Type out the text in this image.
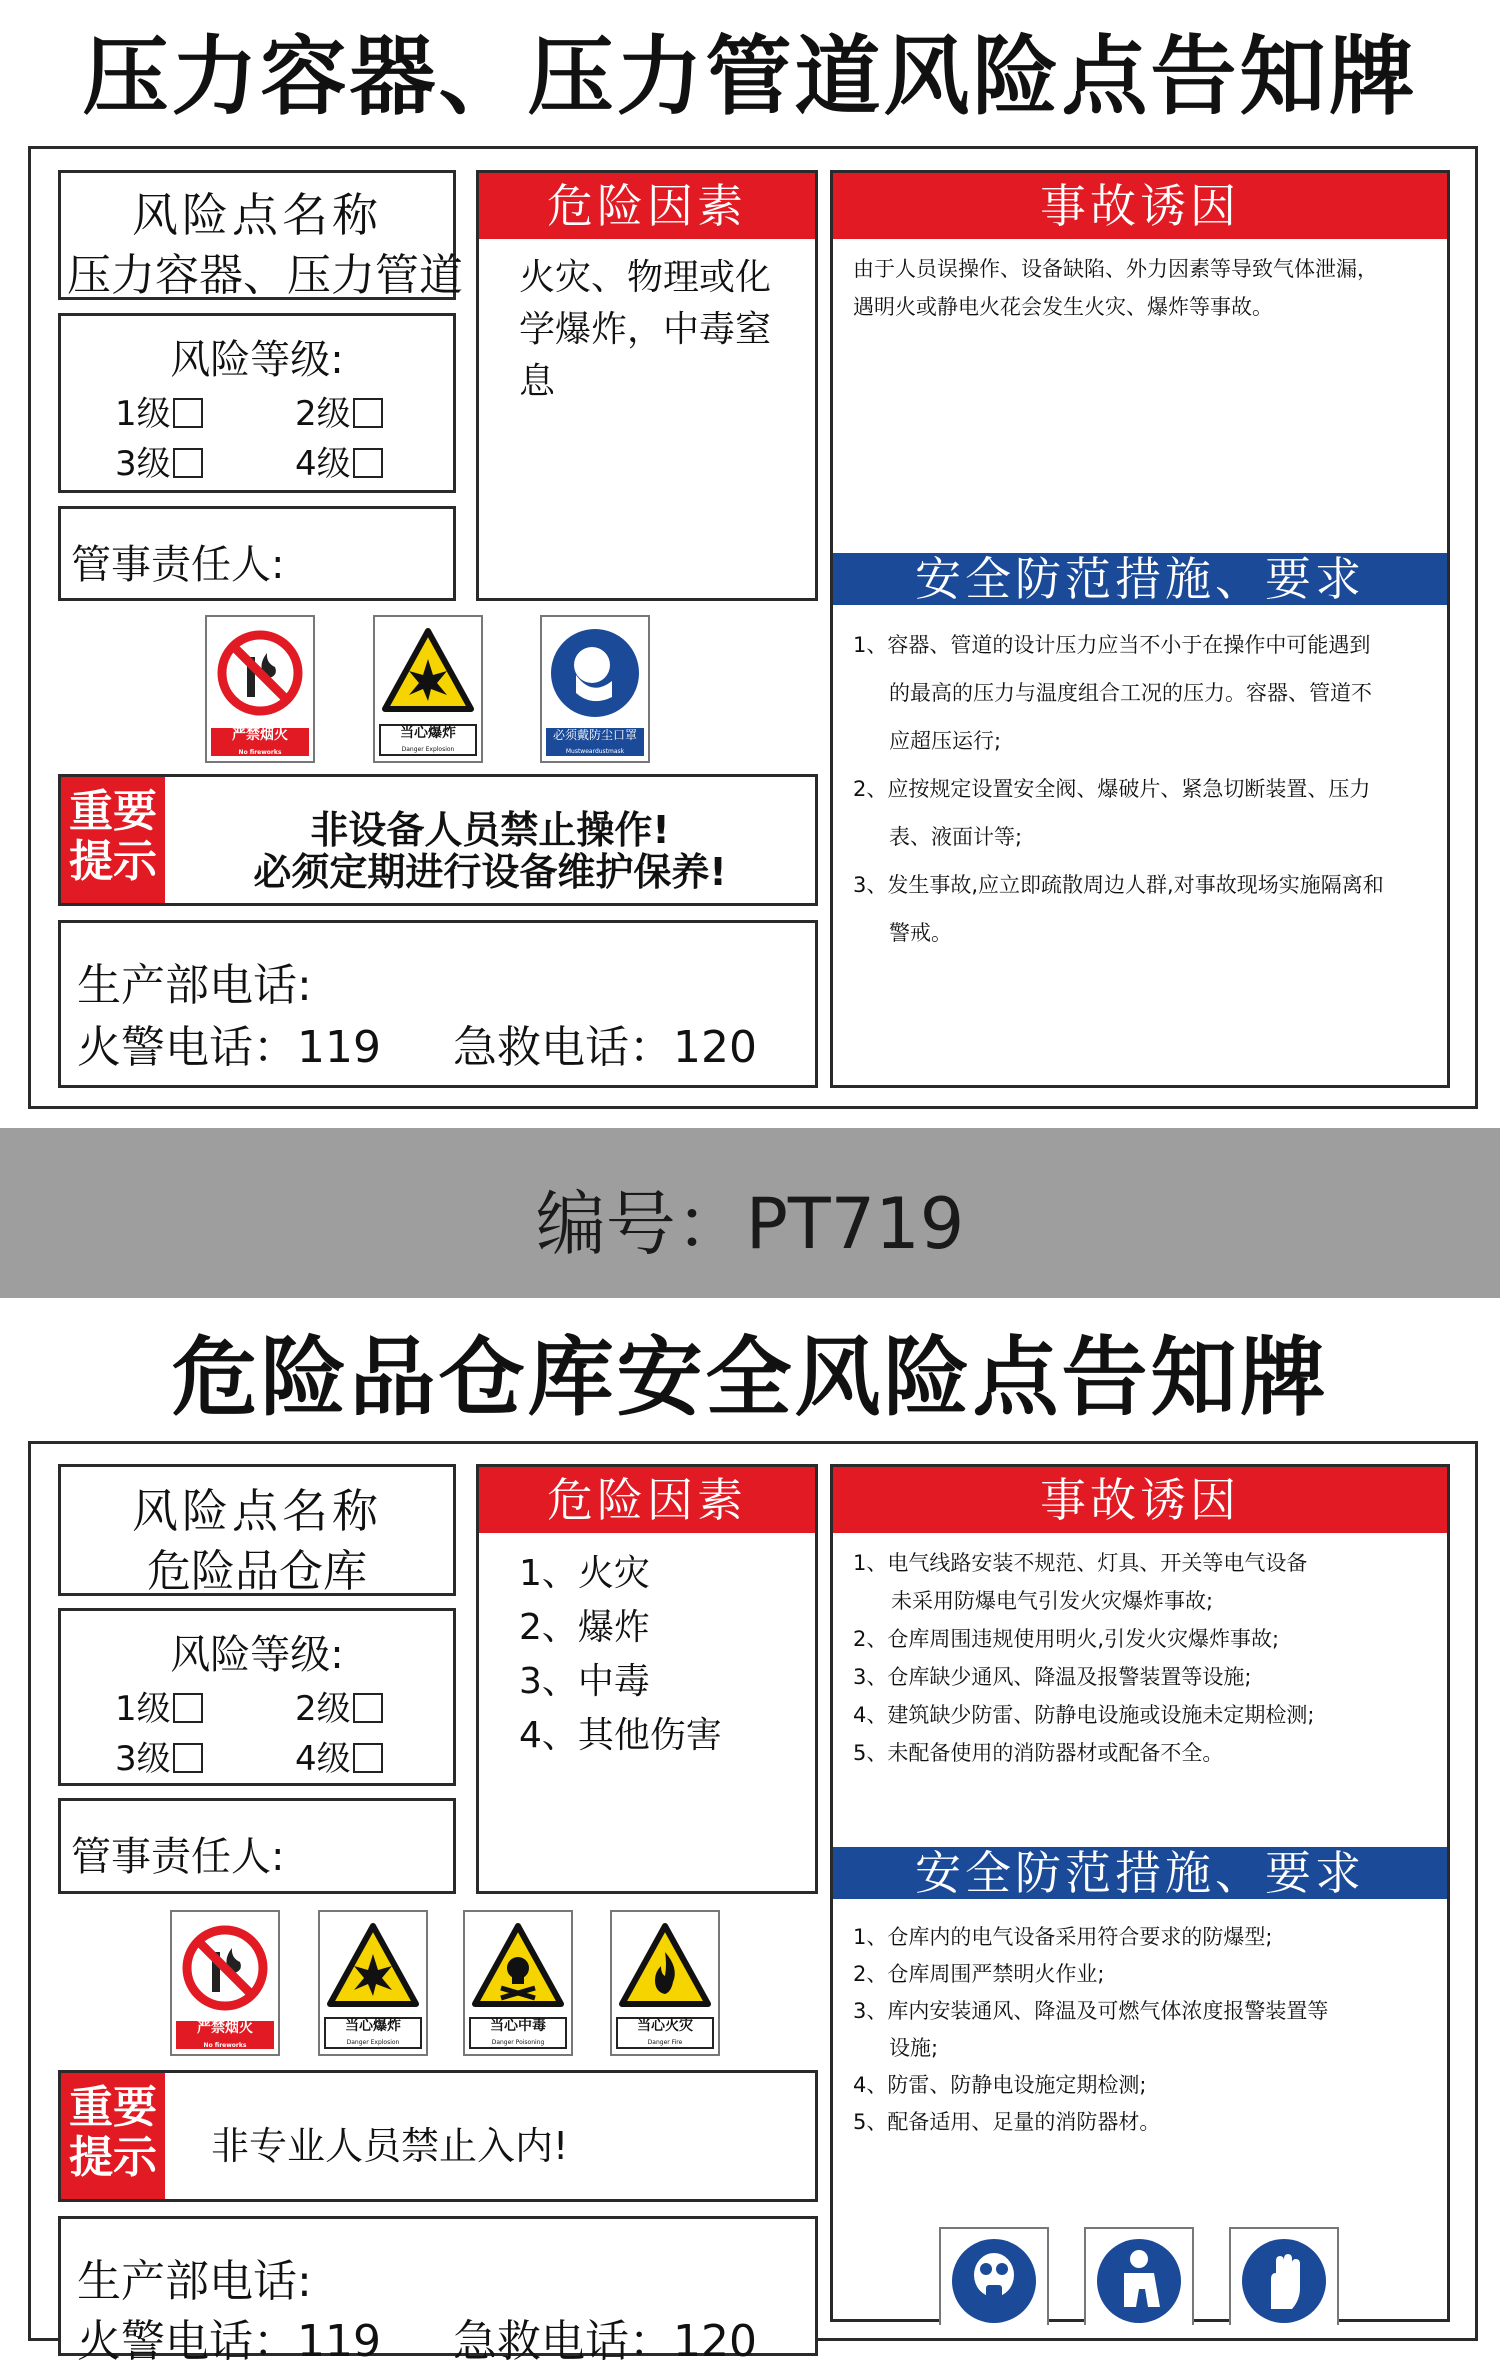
压力容器、压力管道风险点告知牌
风险点名称
压力容器、压力管道
风险等级:
1级	2级
3级	4级
管事责任人:
危险因素
火灾、物理或化
学爆炸，中毒窒
息
事故诱因
由于人员误操作、设备缺陷、外力因素等导致气体泄漏，
遇明火或静电火花会发生火灾、爆炸等事故。
安全防范措施、要求
1、容器、管道的设计压力应当不小于在操作中可能遇到
的最高的压力与温度组合工况的压力。容器、管道不
应超压运行;
2、应按规定设置安全阀、爆破片、紧急切断装置、压力
表、液面计等;
3、发生事故,应立即疏散周边人群,对事故现场实施隔离和
警戒。
严禁烟火
No fireworks
当心爆炸
Danger Explosion
必须戴防尘口罩
Mustweardustmask
重要
提示
非设备人员禁止操作!
必须定期进行设备维护保养!
生产部电话:
火警电话：119 急救电话：120
编号：PT719
危险品仓库安全风险点告知牌
风险点名称
危险品仓库
风险等级:
1级	2级
3级	4级
管事责任人:
危险因素
1、火灾
2、爆炸
3、中毒
4、其他伤害
事故诱因
1、电气线路安装不规范、灯具、开关等电气设备
未采用防爆电气引发火灾爆炸事故;
2、仓库周围违规使用明火,引发火灾爆炸事故;
3、仓库缺少通风、降温及报警装置等设施;
4、建筑缺少防雷、防静电设施或设施未定期检测;
5、未配备使用的消防器材或配备不全。
安全防范措施、要求
1、仓库内的电气设备采用符合要求的防爆型;
2、仓库周围严禁明火作业;
3、库内安装通风、降温及可燃气体浓度报警装置等
设施;
4、防雷、防静电设施定期检测;
5、配备适用、足量的消防器材。
严禁烟火
No fireworks
当心爆炸
Danger Explosion
当心中毒
Danger Poisoning
当心火灾
Danger Fire
重要
提示 非专业人员禁止入内!
生产部电话:
火警电话：119 急救电话：120
